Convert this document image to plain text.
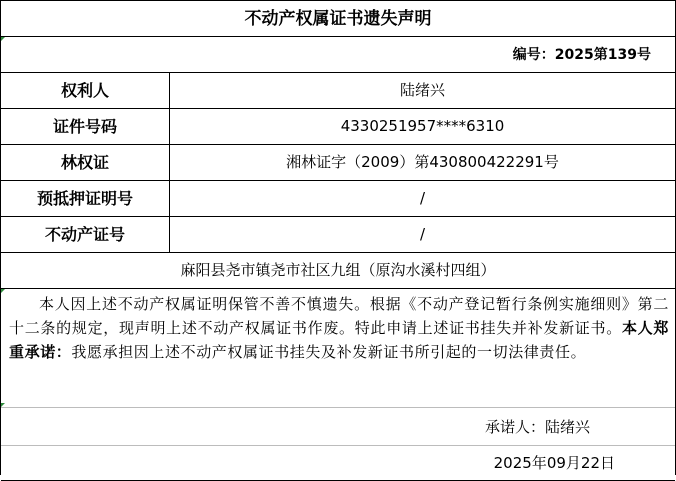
不动产权属证书遗失声明
编号：2025第139号
权利人	陆绪兴
证件号码	4330251957****6310
林权证	湘林证字（2009）第430800422291号
预抵押证明号	/
不动产证号	/
麻阳县尧市镇尧市社区九组（原沟水溪村四组）
本人因上述不动产权属证明保管不善不慎遗失。根据《不动产登记暂行条例实施细则》第二十二条的规定，现声明上述不动产权属证书作废。特此申请上述证书挂失并补发新证书。本人郑重承诺：我愿承担因上述不动产权属证书挂失及补发新证书所引起的一切法律责任。
承诺人：陆绪兴
2025年09月22日
